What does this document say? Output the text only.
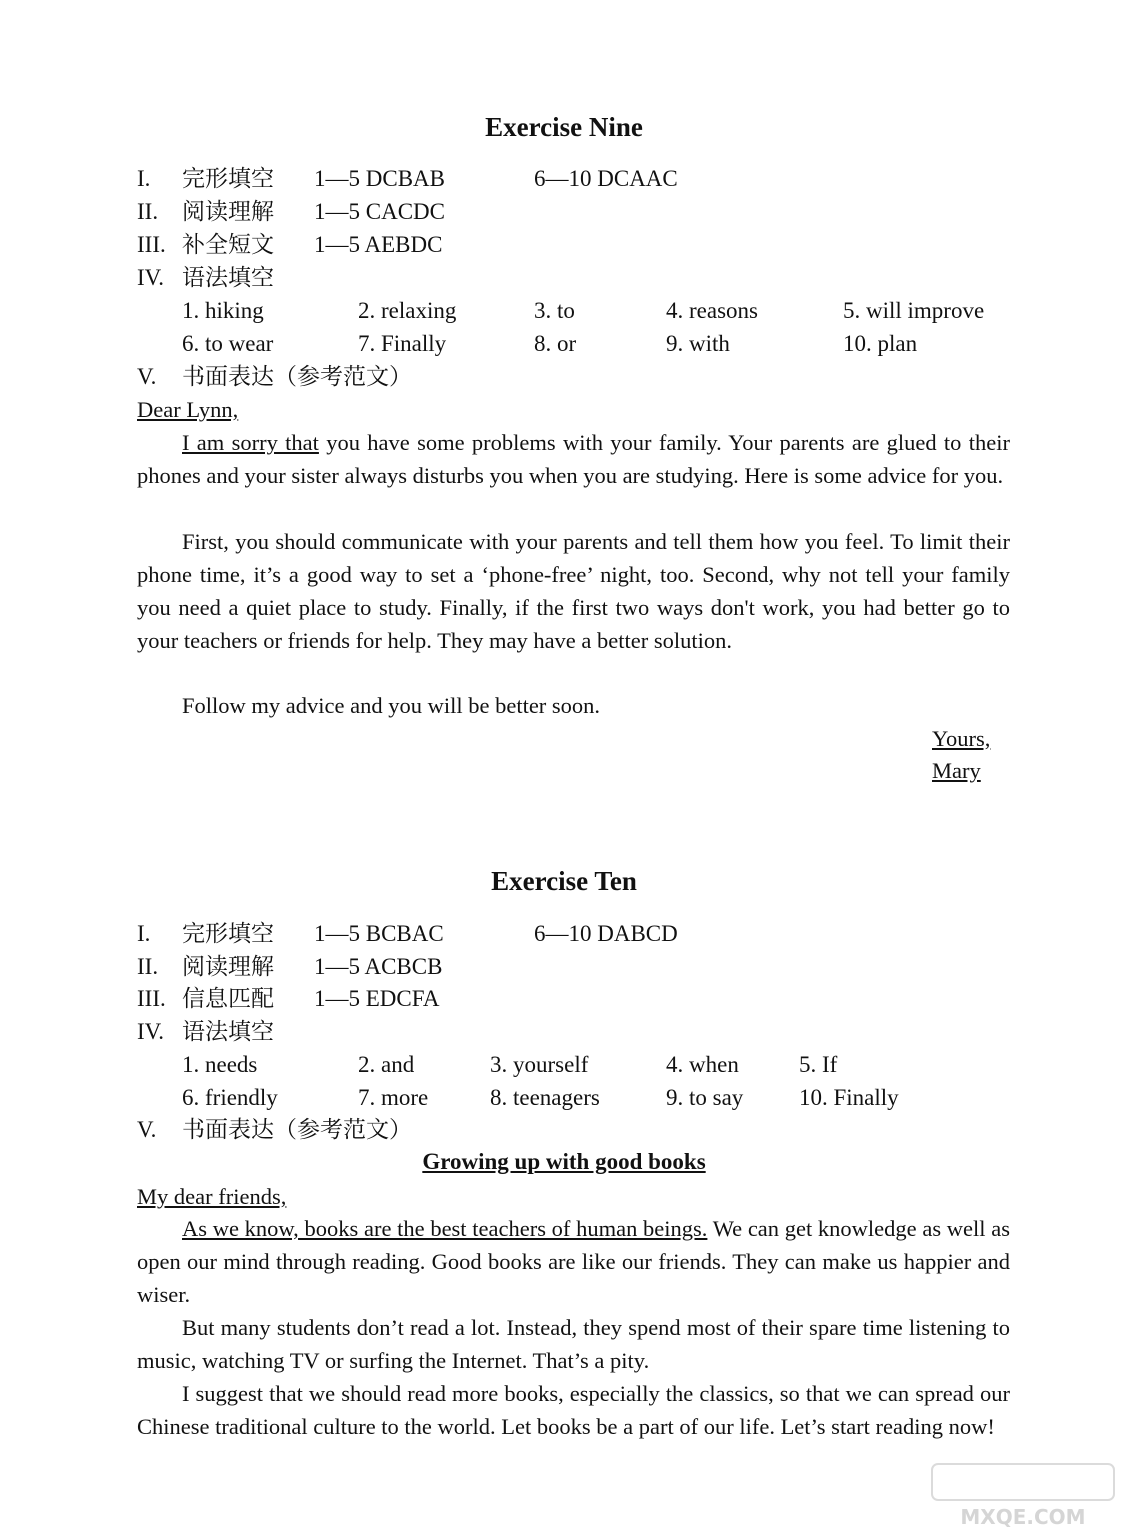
Exercise Nine
I. 完形填空 1—5 DCBAB	6—10 DCAAC
II. 阅读理解 1—5 CACDC
III. 补全短文 1—5 AEBDC
IV. 语法填空
1. hiking	2. relaxing	3. to	4. reasons	5. will improve
6. to wear	7. Finally	8. or	9. with	10. plan
V. 书面表达（参考范文）
Dear Lynn,

I am sorry that you have some problems with your family. Your parents are glued to their phones and your sister always disturbs you when you are studying. Here is some advice for you.

First, you should communicate with your parents and tell them how you feel. To limit their phone time, it’s a good way to set a ‘phone-free’ night, too. Second, why not tell your family you need a quiet place to study. Finally, if the first two ways don't work, you had better go to your teachers or friends for help. They may have a better solution.

Follow my advice and you will be better soon.

Yours,
Mary
Exercise Ten
I. 完形填空 1—5 BCBAC	6—10 DABCD
II. 阅读理解 1—5 ACBCB
III. 信息匹配 1—5 EDCFA
IV. 语法填空
1. needs	2. and	3. yourself	4. when	5. If
6. friendly	7. more	8. teenagers	9. to say 10. Finally
V. 书面表达（参考范文）
Growing up with good books
My dear friends,

As we know, books are the best teachers of human beings. We can get knowledge as well as open our mind through reading. Good books are like our friends. They can make us happier and wiser.

But many students don’t read a lot. Instead, they spend most of their spare time listening to music, watching TV or surfing the Internet. That’s a pity.

I suggest that we should read more books, especially the classics, so that we can spread our Chinese traditional culture to the world. Let books be a part of our life. Let’s start reading now!

MXQE.COM
